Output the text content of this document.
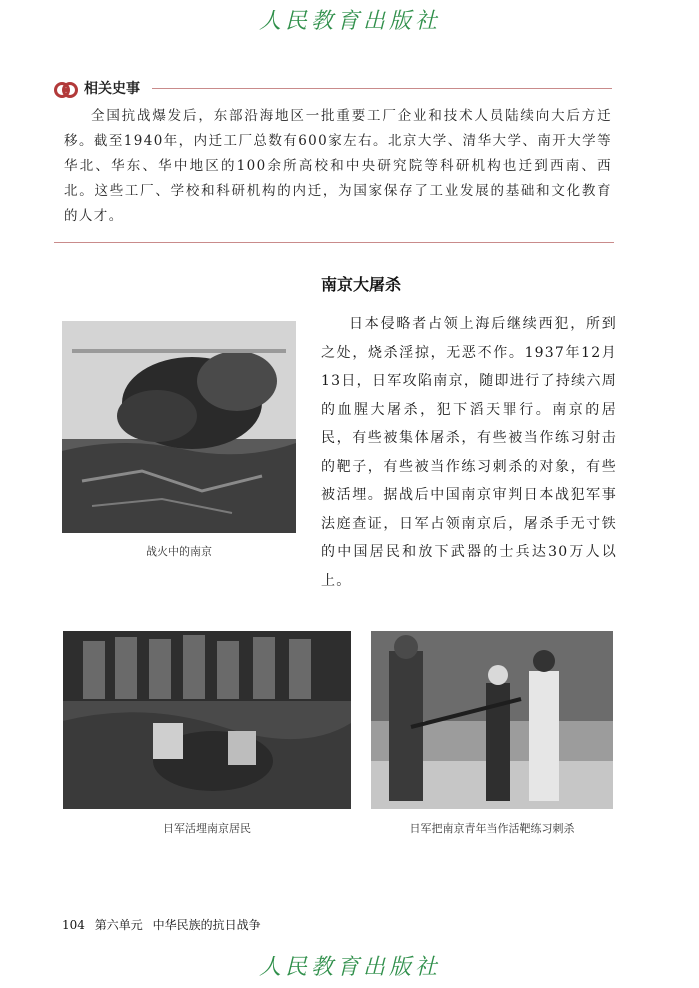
人民教育出版社
相关史事
全国抗战爆发后，东部沿海地区一批重要工厂企业和技术人员陆续向大后方迁移。截至1940年，内迁工厂总数有600家左右。北京大学、清华大学、南开大学等华北、华东、华中地区的100余所高校和中央研究院等科研机构也迁到西南、西北。这些工厂、学校和科研机构的内迁，为国家保存了工业发展的基础和文化教育的人才。
南京大屠杀
日本侵略者占领上海后继续西犯，所到之处，烧杀淫掠，无恶不作。1937年12月13日，日军攻陷南京，随即进行了持续六周的血腥大屠杀，犯下滔天罪行。南京的居民，有些被集体屠杀，有些被当作练习射击的靶子，有些被当作练习刺杀的对象，有些被活埋。据战后中国南京审判日本战犯军事法庭查证，日军占领南京后，屠杀手无寸铁的中国居民和放下武器的士兵达30万人以上。
战火中的南京
日军活埋南京居民	日军把南京青年当作活靶练习刺杀
104 第六单元 中华民族的抗日战争
人民教育出版社
